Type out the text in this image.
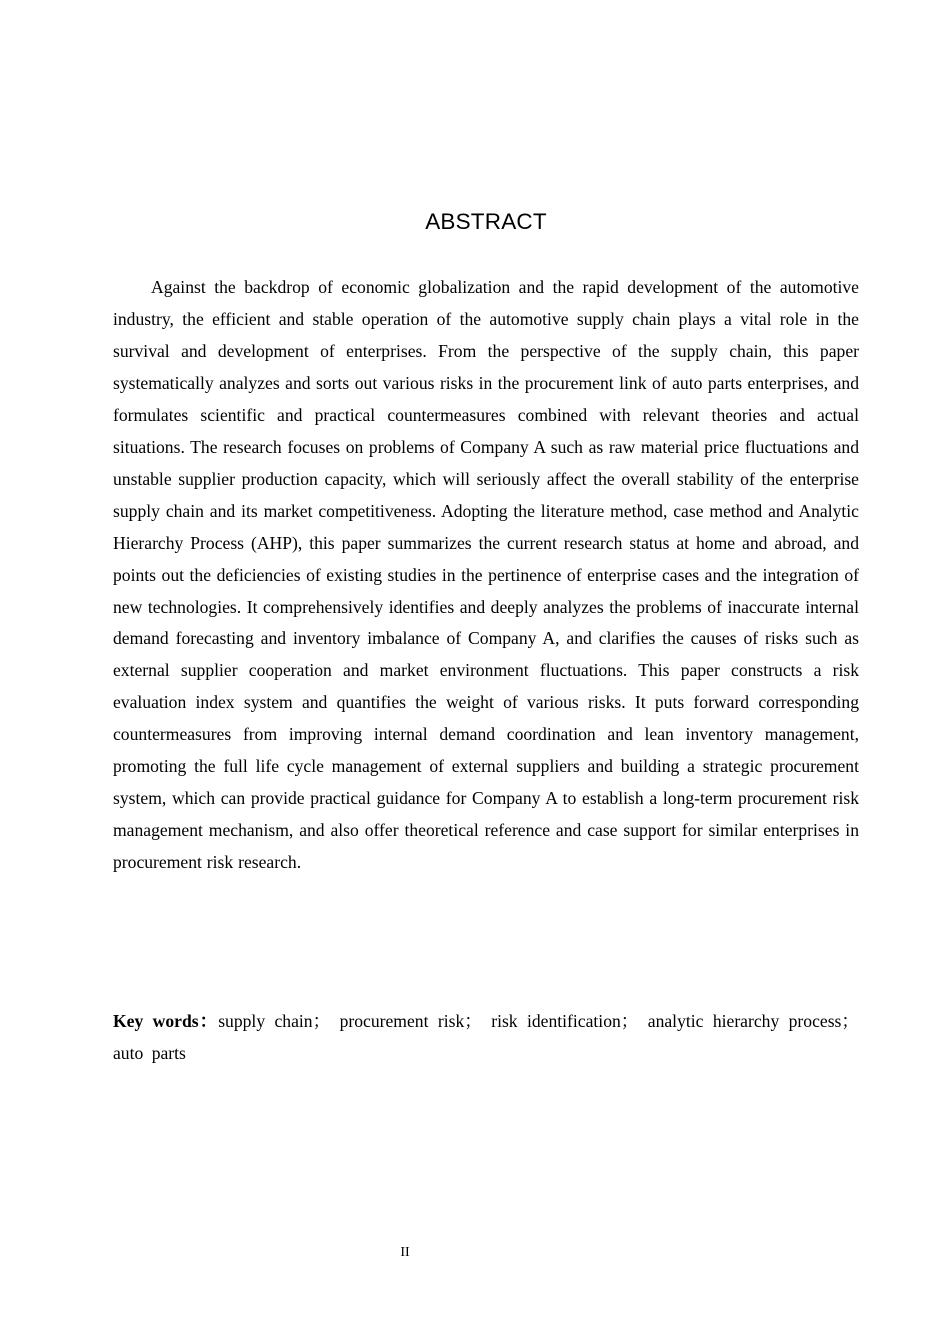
ABSTRACT

Against the backdrop of economic globalization and the rapid development of the automotive industry, the efficient and stable operation of the automotive supply chain plays a vital role in the survival and development of enterprises. From the perspective of the supply chain, this paper systematically analyzes and sorts out various risks in the procurement link of auto parts enterprises, and formulates scientific and practical countermeasures combined with relevant theories and actual situations. The research focuses on problems of Company A such as raw material price fluctuations and unstable supplier production capacity, which will seriously affect the overall stability of the enterprise supply chain and its market competitiveness. Adopting the literature method, case method and Analytic Hierarchy Process (AHP), this paper summarizes the current research status at home and abroad, and points out the deficiencies of existing studies in the pertinence of enterprise cases and the integration of new technologies. It comprehensively identifies and deeply analyzes the problems of inaccurate internal demand forecasting and inventory imbalance of Company A, and clarifies the causes of risks such as external supplier cooperation and market environment fluctuations. This paper constructs a risk evaluation index system and quantifies the weight of various risks. It puts forward corresponding countermeasures from improving internal demand coordination and lean inventory management, promoting the full life cycle management of external suppliers and building a strategic procurement system, which can provide practical guidance for Company A to establish a long-term procurement risk management mechanism, and also offer theoretical reference and case support for similar enterprises in procurement risk research.

Key words：supply chain； procurement risk； risk identification； analytic hierarchy process；auto parts

II
